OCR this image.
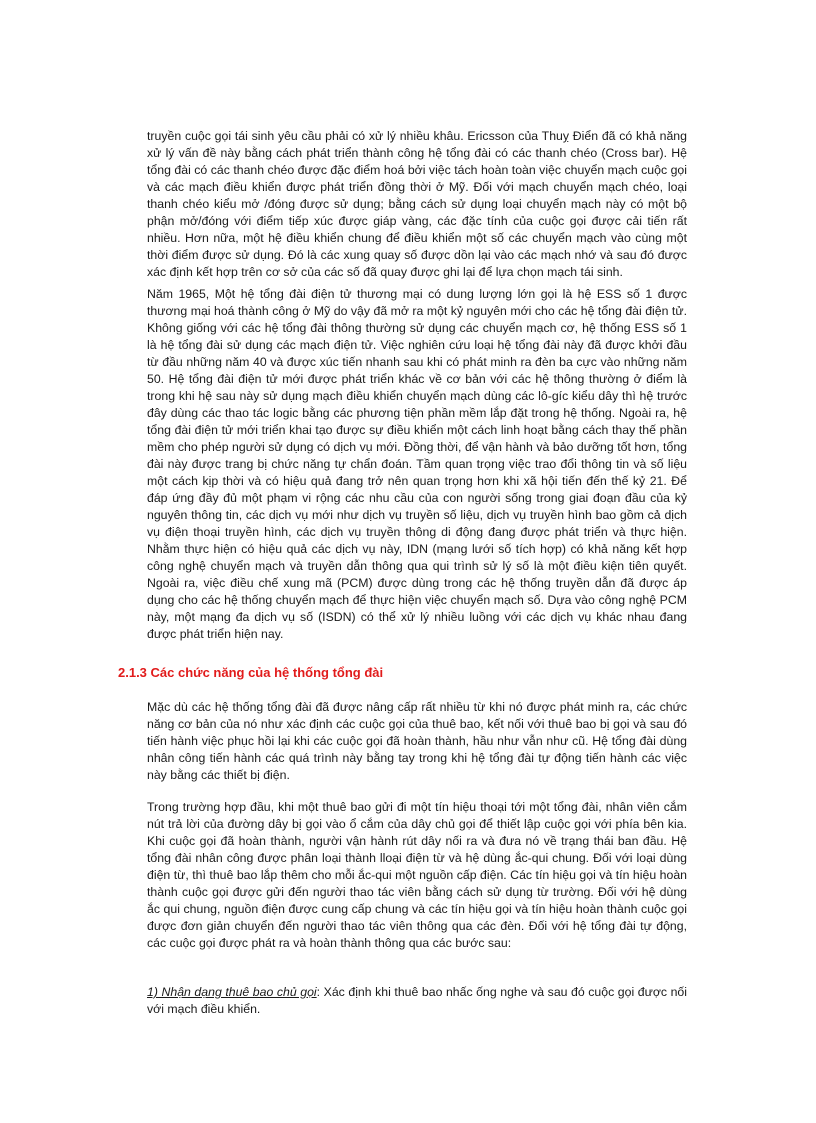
truyền cuộc gọi tái sinh yêu cầu phải có xử lý nhiều khâu. Ericsson của Thuỵ Điển đã có khả năng xử lý vấn đề này bằng cách phát triển thành công hệ tổng đài có các thanh chéo (Cross bar). Hệ tổng đài có các thanh chéo được đặc điểm hoá bởi việc tách hoàn toàn việc chuyển mạch cuộc gọi và các mạch điều khiển được phát triển đồng thời ở Mỹ. Đối với mạch chuyển mạch chéo, loại thanh chéo kiểu mở /đóng được sử dụng; bằng cách sử dụng loại chuyển mạch này có một bộ phận mở/đóng với điểm tiếp xúc được giáp vàng, các đặc tính của cuộc gọi được cải tiến rất nhiều. Hơn nữa, một hệ điều khiển chung để điều khiển một số các chuyển mạch vào cùng một thời điểm được sử dụng. Đó là các xung quay số được dồn lại vào các mạch nhớ và sau đó được xác định kết hợp trên cơ sở của các số đã quay được ghi lại để lựa chọn mạch tái sinh.

Năm 1965, Một hệ tổng đài điện tử thương mại có dung lượng lớn gọi là hệ ESS số 1 được thương mại hoá thành công ở Mỹ do vậy đã mở ra một kỷ nguyên mới cho các hệ tổng đài điện tử. Không giống với các hệ tổng đài thông thường sử dụng các chuyển mạch cơ, hệ thống ESS số 1 là hệ tổng đài sử dụng các mạch điện tử. Việc nghiên cứu loại hệ tổng đài này đã được khởi đầu từ đầu những năm 40 và được xúc tiến nhanh sau khi có phát minh ra đèn ba cực vào những năm 50. Hệ tổng đài điện tử mới được phát triển khác về cơ bản với các hệ thông thường ở điểm là trong khi hệ sau này sử dụng mạch điều khiển chuyển mạch dùng các lô-gíc kiểu dây thì hệ trước đây dùng các thao tác logic bằng các phương tiện phần mềm lắp đặt trong hệ thống. Ngoài ra, hệ tổng đài điện tử mới triển khai tạo được sự điều khiển một cách linh hoạt bằng cách thay thế phần mềm cho phép người sử dụng có dịch vụ mới. Đồng thời, để vận hành và bảo dưỡng tốt hơn, tổng đài này được trang bị chức năng tự chẩn đoán. Tầm quan trọng việc trao đổi thông tin và số liệu một cách kịp thời và có hiệu quả đang trở nên quan trọng hơn khi xã hội tiến đến thế kỷ 21. Để đáp ứng đầy đủ một phạm vi rộng các nhu cầu của con người sống trong giai đoạn đầu của kỷ nguyên thông tin, các dịch vụ mới như dịch vụ truyền số liệu, dịch vụ truyền hình bao gồm cả dịch vụ điện thoại truyền hình, các dịch vụ truyền thông di động đang được phát triển và thực hiện. Nhằm thực hiện có hiệu quả các dịch vụ này, IDN (mạng lưới số tích hợp) có khả năng kết hợp công nghệ chuyển mạch và truyền dẫn thông qua qui trình sử lý số là một điều kiện tiên quyết. Ngoài ra, việc điều chế xung mã (PCM) được dùng trong các hệ thống truyền dẫn đã được áp dụng cho các hệ thống chuyển mạch để thực hiện việc chuyển mạch số. Dựa vào công nghệ PCM này, một mạng đa dịch vụ số (ISDN) có thể xử lý nhiều luồng với các dịch vụ khác nhau đang được phát triển hiện nay.

2.1.3 Các chức năng của hệ thống tổng đài

Mặc dù các hệ thống tổng đài đã được nâng cấp rất nhiều từ khi nó được phát minh ra, các chức năng cơ bản của nó như xác định các cuộc gọi của thuê bao, kết nối với thuê bao bị gọi và sau đó tiến hành việc phục hồi lại khi các cuộc gọi đã hoàn thành, hầu như vẫn như cũ. Hệ tổng đài dùng nhân công tiến hành các quá trình này bằng tay trong khi hệ tổng đài tự động tiến hành các việc này bằng các thiết bị điện.

Trong trường hợp đầu, khi một thuê bao gửi đi một tín hiệu thoại tới một tổng đài, nhân viên cắm nút trả lời của đường dây bị gọi vào ổ cắm của dây chủ gọi để thiết lập cuộc gọi với phía bên kia. Khi cuộc gọi đã hoàn thành, người vận hành rút dây nối ra và đưa nó về trạng thái ban đầu. Hệ tổng đài nhân công được phân loại thành lloại điện từ và hệ dùng ắc-qui chung. Đối với loại dùng điện từ, thì thuê bao lắp thêm cho mỗi ắc-qui một nguồn cấp điện. Các tín hiệu gọi và tín hiệu hoàn thành cuộc gọi được gửi đến người thao tác viên bằng cách sử dụng từ trường. Đối với hệ dùng ắc qui chung, nguồn điện được cung cấp chung và các tín hiệu gọi và tín hiệu hoàn thành cuộc gọi được đơn giản chuyển đến người thao tác viên thông qua các đèn. Đối với hệ tổng đài tự động, các cuộc gọi được phát ra và hoàn thành thông qua các bước sau:

1) Nhận dạng thuê bao chủ gọi: Xác định khi thuê bao nhấc ống nghe và sau đó cuộc gọi được nối với mạch điều khiển.
